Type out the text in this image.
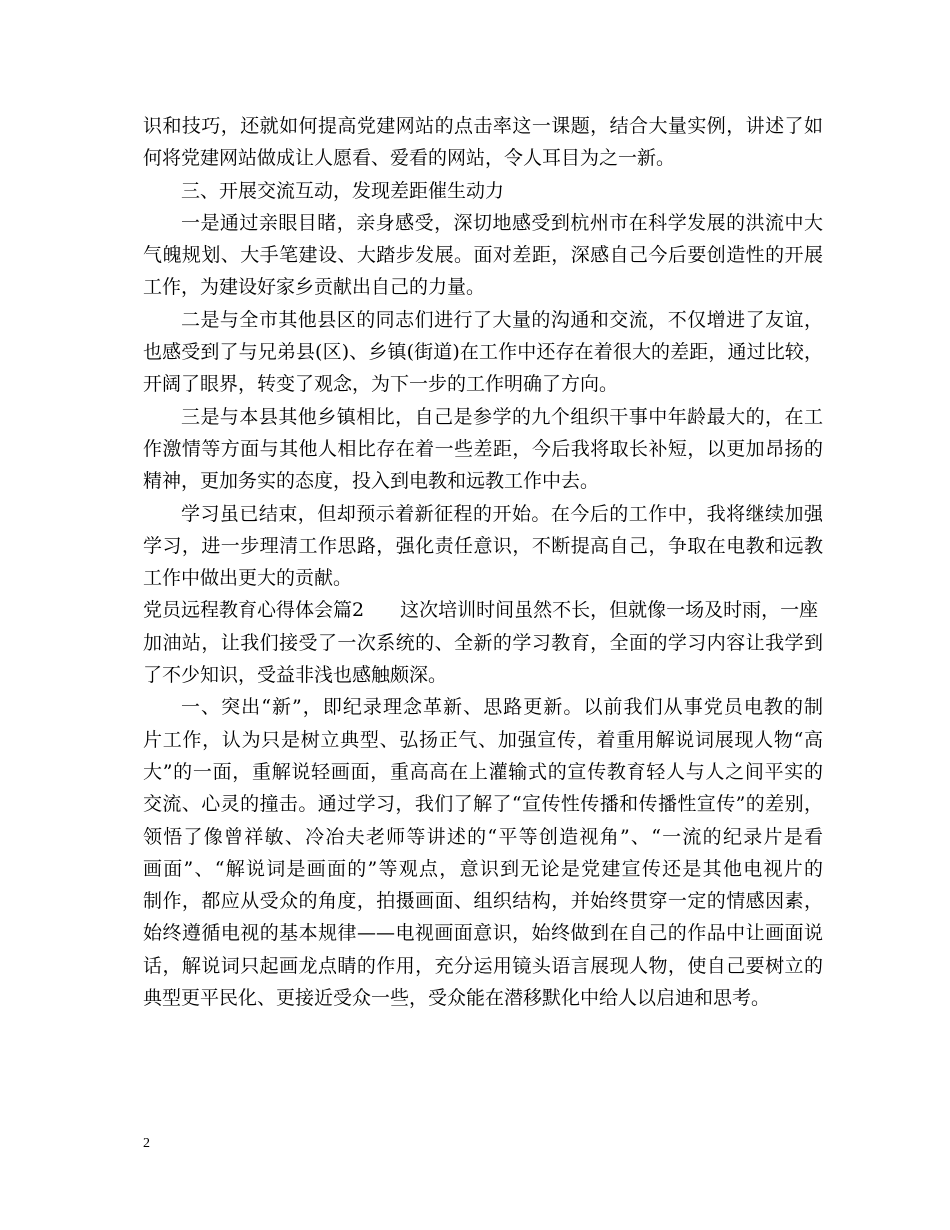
识和技巧，还就如何提高党建网站的点击率这一课题，结合大量实例，讲述了如

何将党建网站做成让人愿看、爱看的网站，令人耳目为之一新。

三、开展交流互动，发现差距催生动力

一是通过亲眼目睹，亲身感受，深切地感受到杭州市在科学发展的洪流中大

气魄规划、大手笔建设、大踏步发展。面对差距，深感自己今后要创造性的开展

工作，为建设好家乡贡献出自己的力量。

二是与全市其他县区的同志们进行了大量的沟通和交流，不仅增进了友谊，

也感受到了与兄弟县(区)、乡镇(街道)在工作中还存在着很大的差距，通过比较，

开阔了眼界，转变了观念，为下一步的工作明确了方向。

三是与本县其他乡镇相比，自己是参学的九个组织干事中年龄最大的，在工

作激情等方面与其他人相比存在着一些差距，今后我将取长补短，以更加昂扬的

精神，更加务实的态度，投入到电教和远教工作中去。

学习虽已结束，但却预示着新征程的开始。在今后的工作中，我将继续加强

学习，进一步理清工作思路，强化责任意识，不断提高自己，争取在电教和远教

工作中做出更大的贡献。

党员远程教育心得体会篇2 这次培训时间虽然不长，但就像一场及时雨，一座

加油站，让我们接受了一次系统的、全新的学习教育，全面的学习内容让我学到

了不少知识，受益非浅也感触颇深。

一、突出“新”，即纪录理念革新、思路更新。以前我们从事党员电教的制

片工作，认为只是树立典型、弘扬正气、加强宣传，着重用解说词展现人物“高

大”的一面，重解说轻画面，重高高在上灌输式的宣传教育轻人与人之间平实的

交流、心灵的撞击。通过学习，我们了解了“宣传性传播和传播性宣传”的差别，

领悟了像曾祥敏、冷冶夫老师等讲述的“平等创造视角”、“一流的纪录片是看

画面”、“解说词是画面的”等观点，意识到无论是党建宣传还是其他电视片的

制作，都应从受众的角度，拍摄画面、组织结构，并始终贯穿一定的情感因素，

始终遵循电视的基本规律——电视画面意识，始终做到在自己的作品中让画面说

话，解说词只起画龙点睛的作用，充分运用镜头语言展现人物，使自己要树立的

典型更平民化、更接近受众一些，受众能在潜移默化中给人以启迪和思考。

2
